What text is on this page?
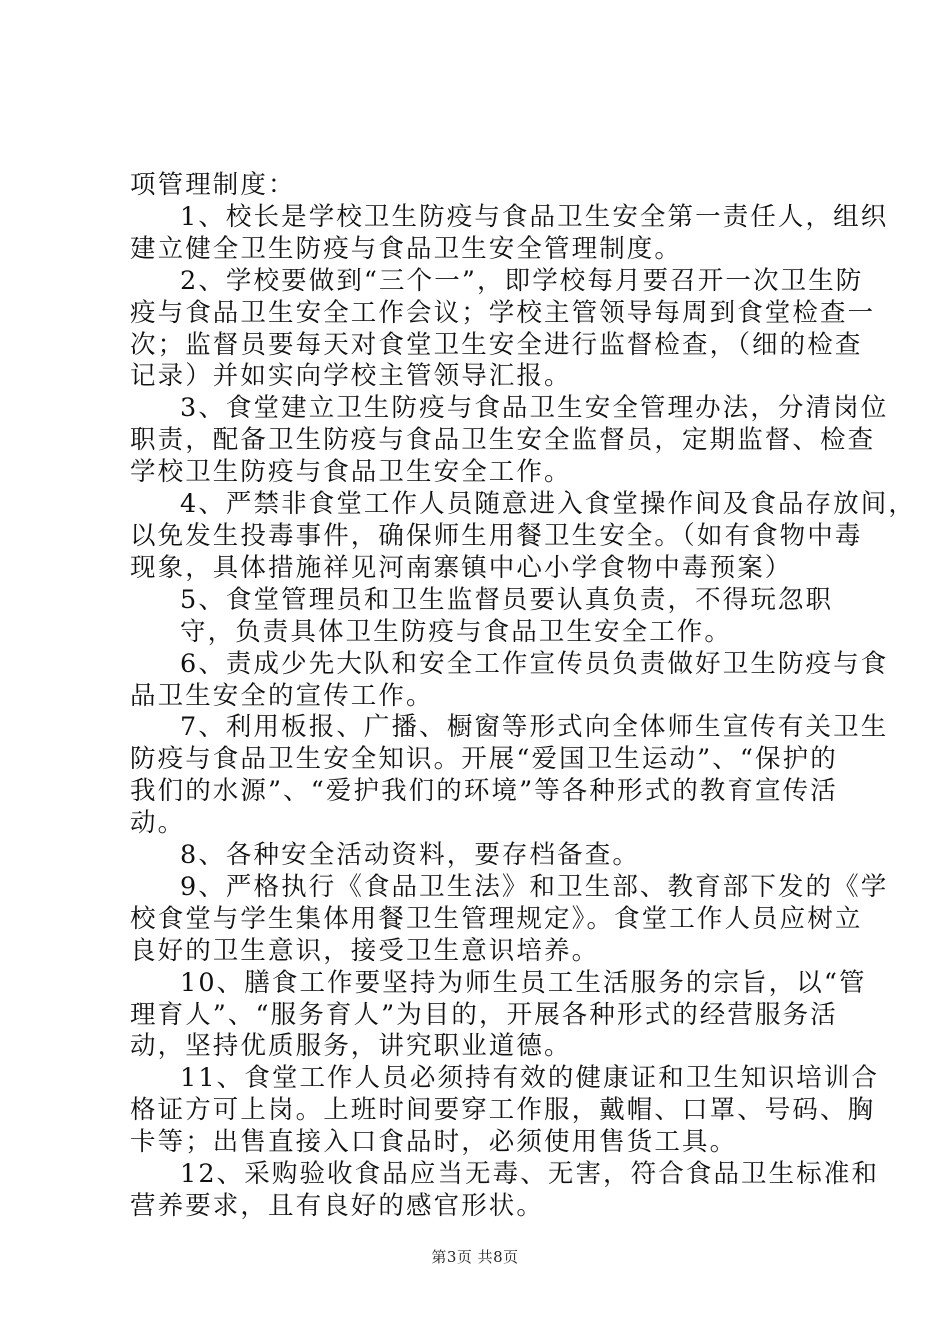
项管理制度：
1、校长是学校卫生防疫与食品卫生安全第一责任人，组织
建立健全卫生防疫与食品卫生安全管理制度。
2、学校要做到“三个一”，即学校每月要召开一次卫生防
疫与食品卫生安全工作会议；学校主管领导每周到食堂检查一
次；监督员要每天对食堂卫生安全进行监督检查，（细的检查
记录）并如实向学校主管领导汇报。
3、食堂建立卫生防疫与食品卫生安全管理办法，分清岗位
职责，配备卫生防疫与食品卫生安全监督员，定期监督、检查
学校卫生防疫与食品卫生安全工作。
4、严禁非食堂工作人员随意进入食堂操作间及食品存放间，
以免发生投毒事件，确保师生用餐卫生安全。（如有食物中毒
现象，具体措施祥见河南寨镇中心小学食物中毒预案）
5、食堂管理员和卫生监督员要认真负责，不得玩忽职
守，负责具体卫生防疫与食品卫生安全工作。
6、责成少先大队和安全工作宣传员负责做好卫生防疫与食
品卫生安全的宣传工作。
7、利用板报、广播、橱窗等形式向全体师生宣传有关卫生
防疫与食品卫生安全知识。开展“爱国卫生运动”、“保护的
我们的水源”、“爱护我们的环境”等各种形式的教育宣传活
动。
8、各种安全活动资料，要存档备查。
9、严格执行《食品卫生法》和卫生部、教育部下发的《学
校食堂与学生集体用餐卫生管理规定》。食堂工作人员应树立
良好的卫生意识，接受卫生意识培养。
10、膳食工作要坚持为师生员工生活服务的宗旨，以“管
理育人”、“服务育人”为目的，开展各种形式的经营服务活
动，坚持优质服务，讲究职业道德。
11、食堂工作人员必须持有效的健康证和卫生知识培训合
格证方可上岗。上班时间要穿工作服，戴帽、口罩、号码、胸
卡等；出售直接入口食品时，必须使用售货工具。
12、采购验收食品应当无毒、无害，符合食品卫生标准和
营养要求，且有良好的感官形状。
第3页 共8页
